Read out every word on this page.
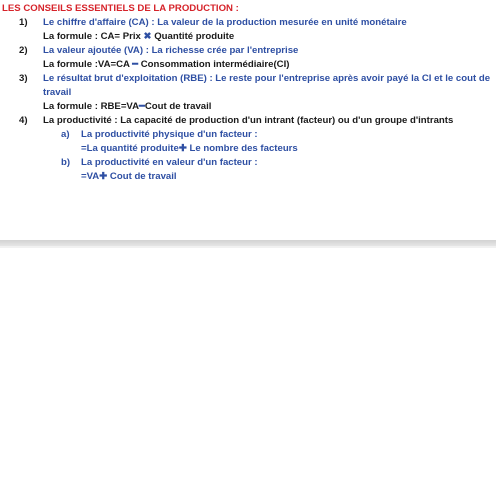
LES CONSEILS ESSENTIELS DE LA PRODUCTION :
1) Le chiffre d'affaire (CA) : La valeur de la production mesurée en unité monétaire
La formule : CA= Prix ✖ Quantité produite
2) La valeur ajoutée (VA) : La richesse crée par l'entreprise
La formule :VA=CA ━ Consommation intermédiaire(CI)
3) Le résultat brut d'exploitation (RBE) : Le reste pour l'entreprise après avoir payé la CI et le cout de
travail
La formule : RBE=VA━Cout de travail
4) La productivité : La capacité de production d'un intrant (facteur) ou d'un groupe d'intrants
a) La productivité physique d'un facteur :
=La quantité produite✚ Le nombre des facteurs
b) La productivité en valeur d'un facteur :
=VA✚ Cout de travail
